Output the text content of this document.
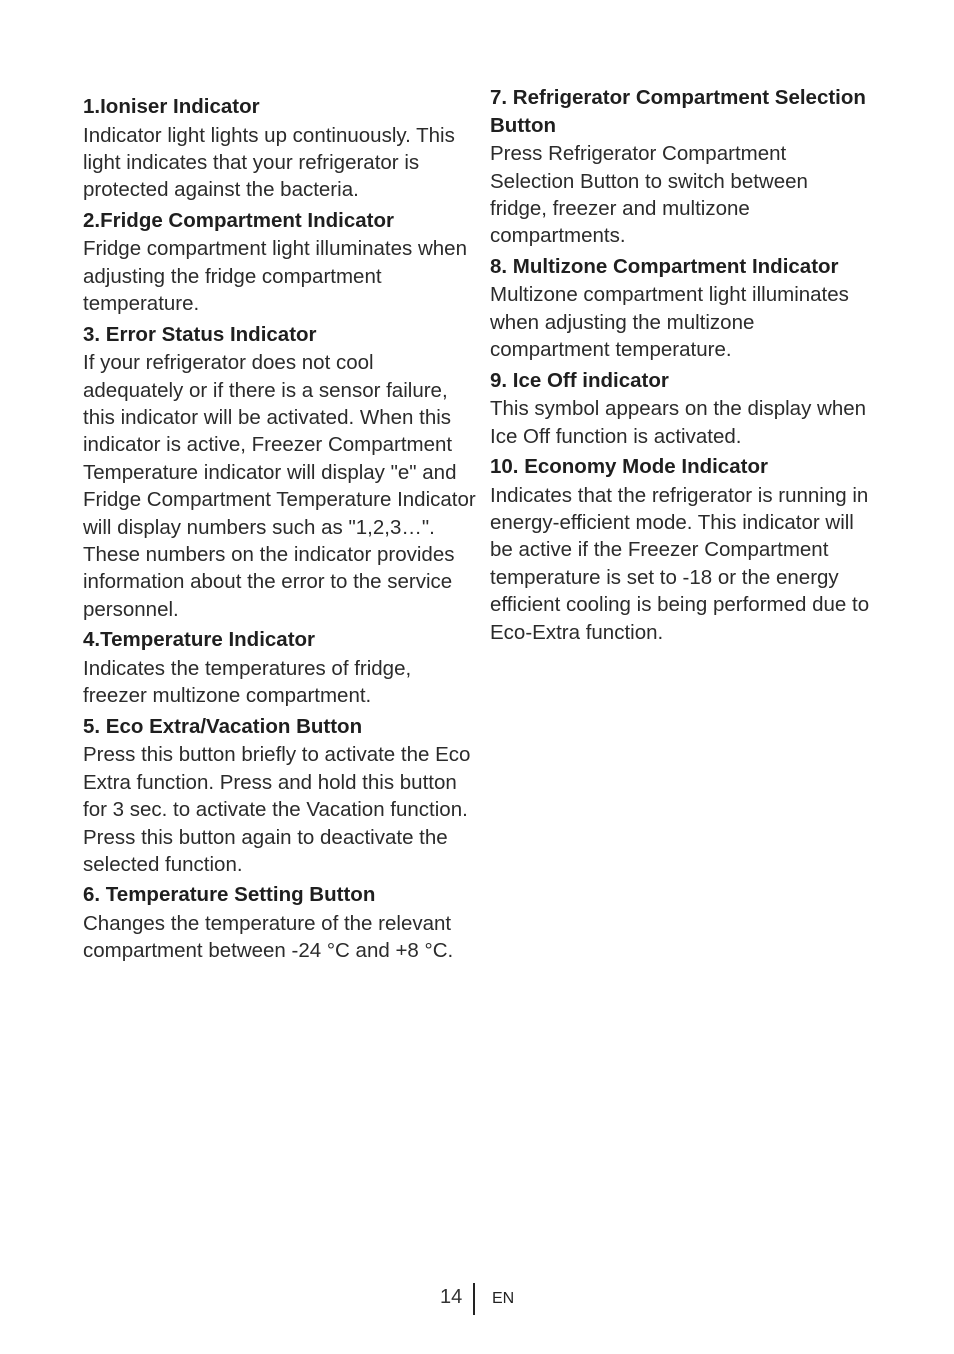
1.Ioniser Indicator

Indicator light lights up continuously. This light indicates that your refrigerator is protected against the bacteria.

2.Fridge Compartment Indicator

Fridge compartment light illuminates when adjusting the fridge compartment temperature.

3. Error Status Indicator

If your refrigerator does not cool adequately or if there is a sensor failure, this indicator will be activated. When this indicator is active, Freezer Compartment Temperature indicator will display "e" and Fridge Compartment Temperature Indicator will display numbers such as "1,2,3…". These numbers on the indicator provides information about the error to the service personnel.

4.Temperature Indicator

Indicates the temperatures of fridge, freezer multizone compartment.

5. Eco Extra/Vacation Button

Press this button briefly to activate the Eco Extra function. Press and hold this button for 3 sec. to activate the Vacation function. Press this button again to deactivate the selected function.

6. Temperature Setting Button

Changes the temperature of the relevant compartment between -24 °C and +8 °C.

7. Refrigerator Compartment Selection Button

Press Refrigerator Compartment Selection Button to switch between fridge, freezer and multizone compartments.

8. Multizone Compartment Indicator

Multizone compartment light illuminates when adjusting the multizone compartment temperature.

9. Ice Off indicator

This symbol appears on the display when Ice Off function is activated.

10. Economy Mode Indicator

Indicates that the refrigerator is running in energy-efficient mode. This indicator will be active if the Freezer Compartment temperature is set to -18 or the energy efficient cooling is being performed due to Eco-Extra function.

14 EN
